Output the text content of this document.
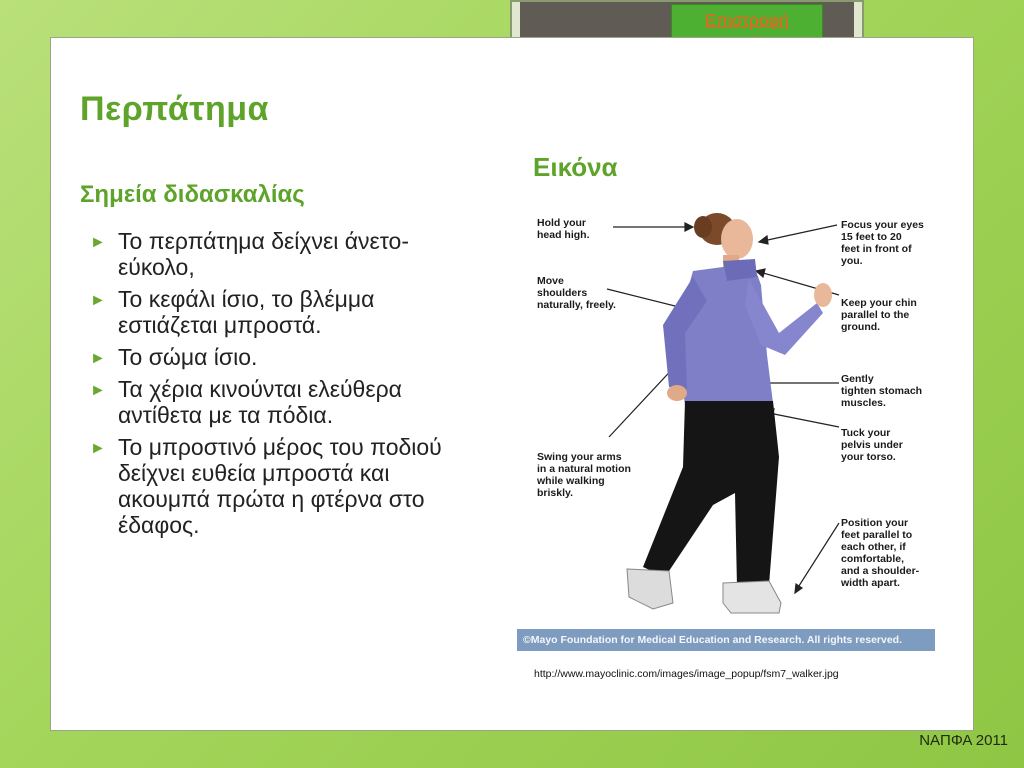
Επιστροφή
Περπάτημα
Σημεία διδασκαλίας
► Το περπάτημα δείχνει άνετο- εύκολο,
► Το κεφάλι ίσιο, το βλέμμα εστιάζεται μπροστά.
► Το σώμα ίσιο.
► Τα χέρια κινούνται ελεύθερα αντίθετα με τα πόδια.
► Το μπροστινό μέρος του ποδιού δείχνει ευθεία μπροστά και ακουμπά πρώτα η φτέρνα στο έδαφος.
Εικόνα
Hold your
head high.
Move
shoulders
naturally, freely.
Swing your arms
in a natural motion
while walking
briskly.
Focus your eyes
15 feet to 20
feet in front of
you.
Keep your chin
parallel to the
ground.
Gently
tighten stomach
muscles.
Tuck your
pelvis under
your torso.
Position your
feet parallel to
each other, if
comfortable,
and a shoulder-
width apart.
©Mayo Foundation for Medical Education and Research. All rights reserved.
http://www.mayoclinic.com/images/image_popup/fsm7_walker.jpg
ΝΑΠΦΑ 2011
